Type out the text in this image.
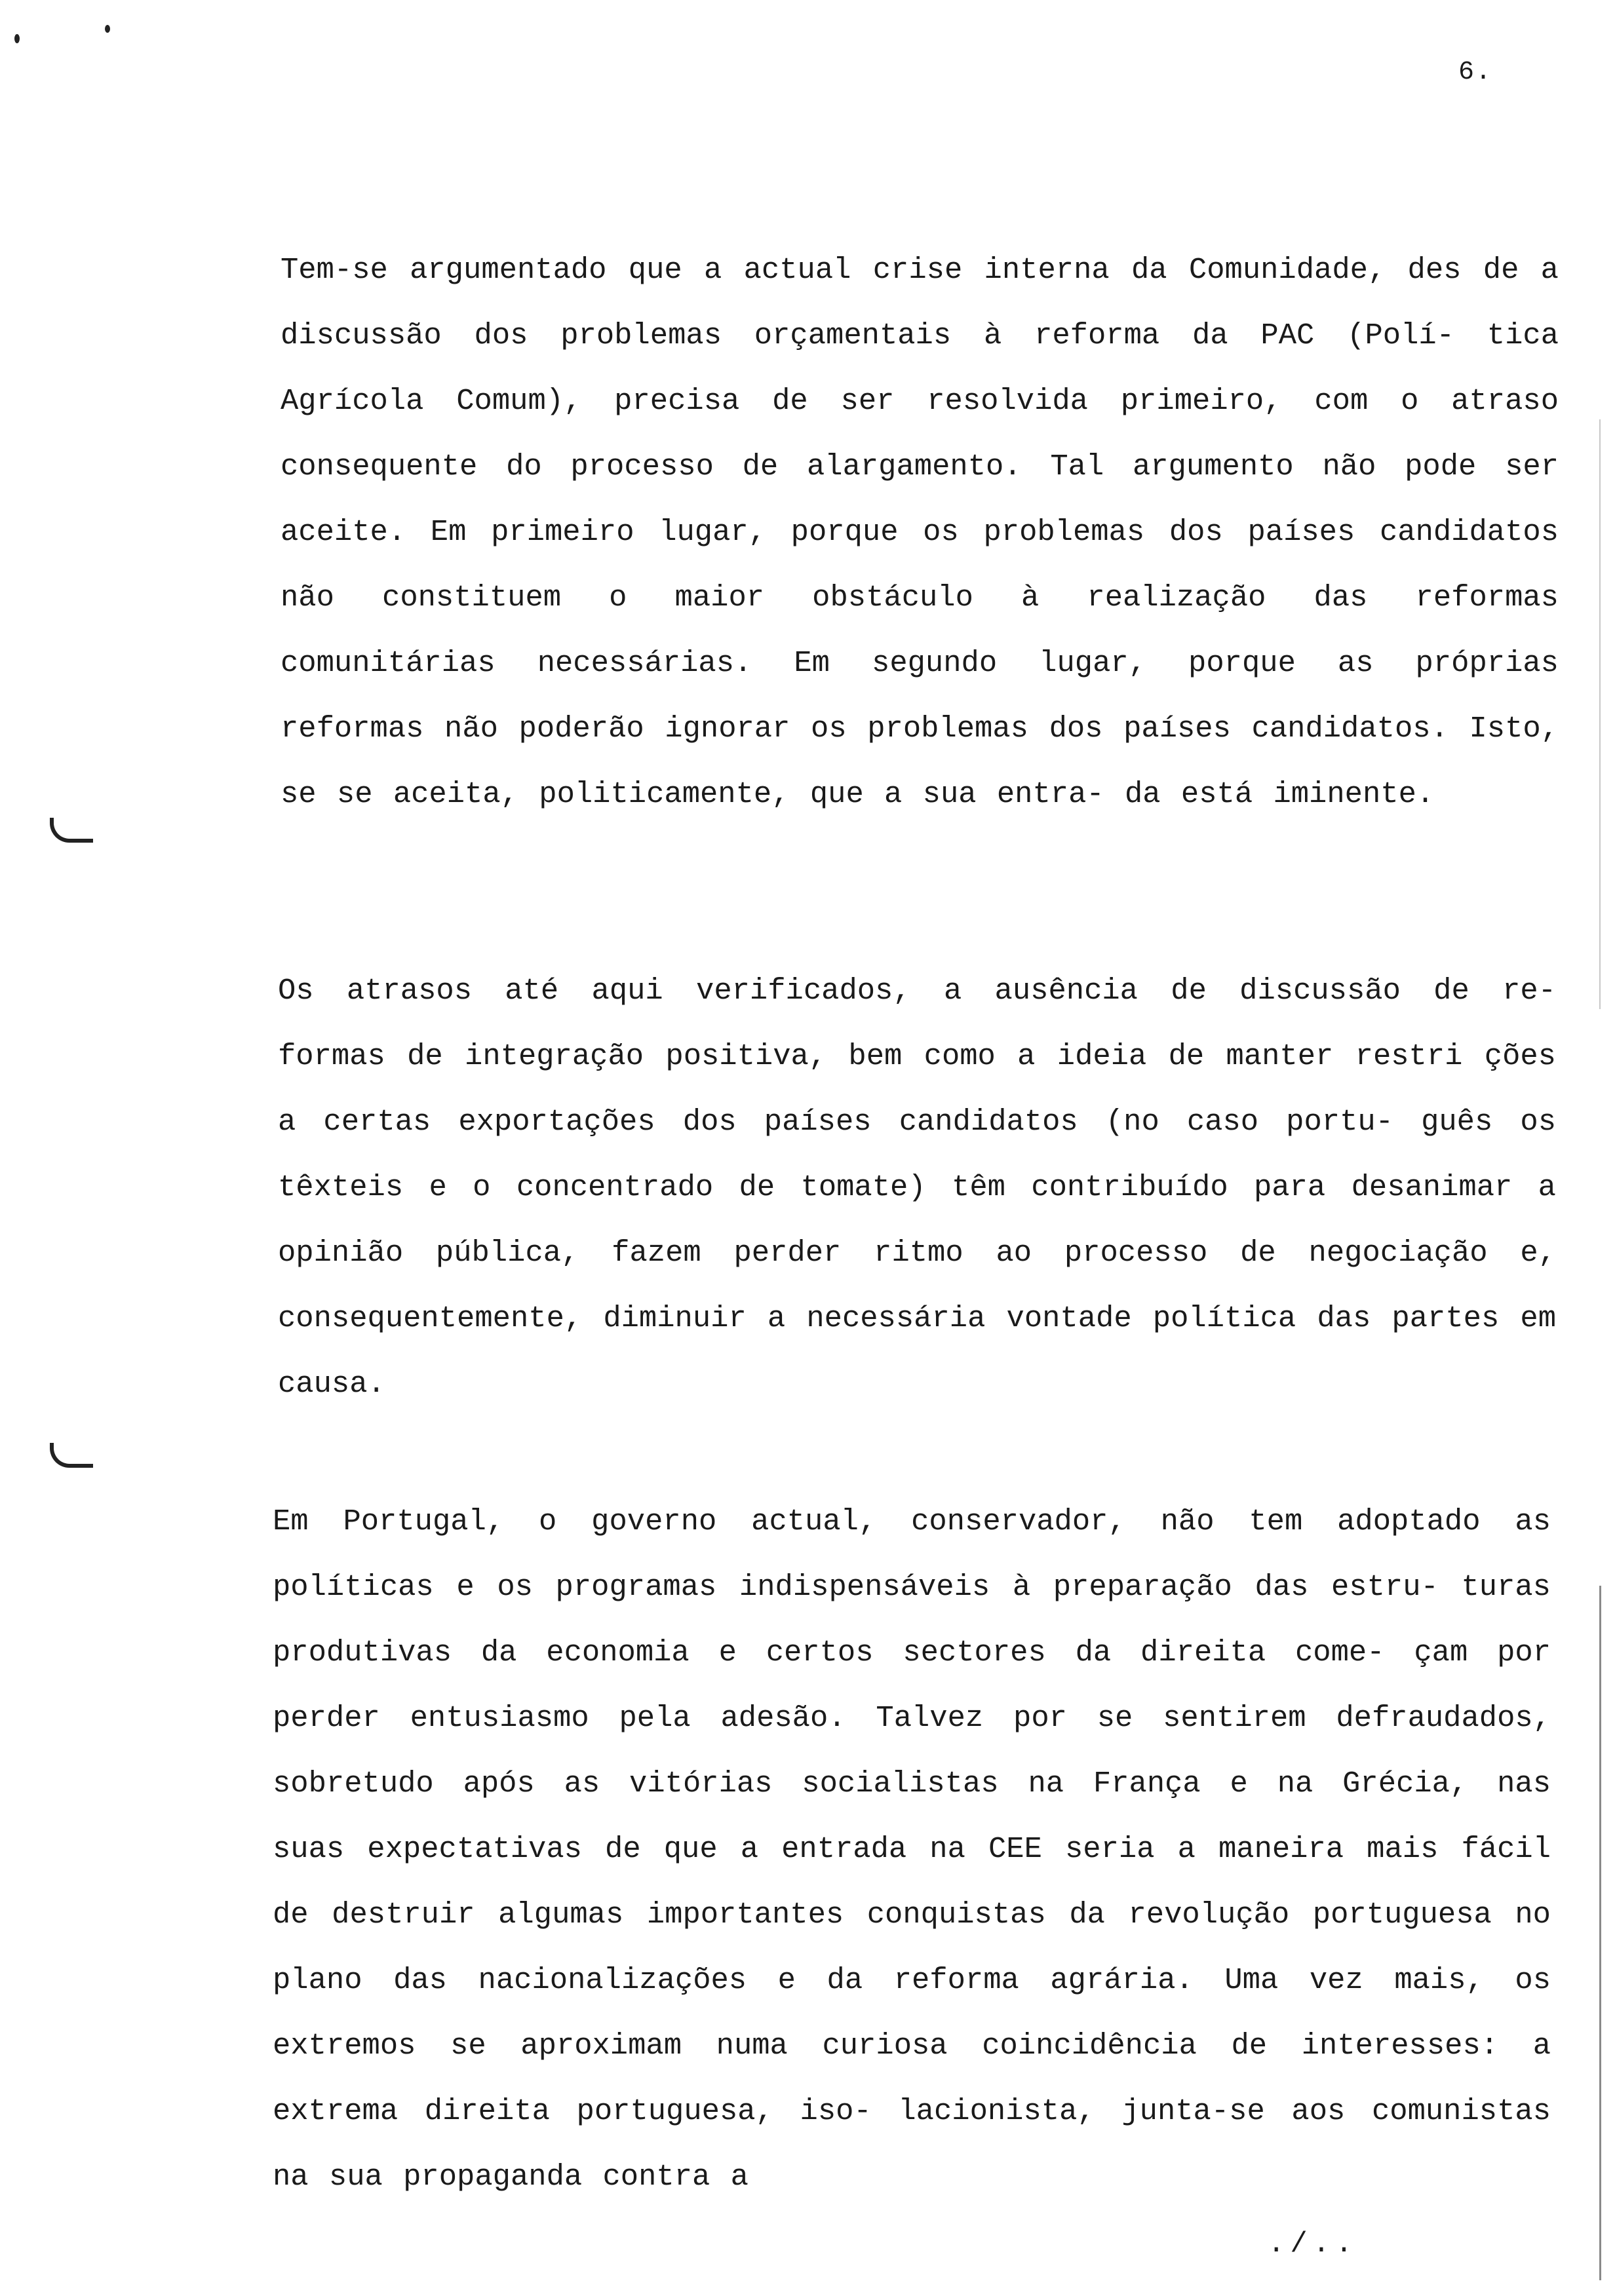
6.
Tem-se argumentado que a actual crise interna da Comunidade, des de a discussão dos problemas orçamentais à reforma da PAC (Polí- tica Agrícola Comum), precisa de ser resolvida primeiro, com o atraso consequente do processo de alargamento. Tal argumento não pode ser aceite. Em primeiro lugar, porque os problemas dos países candidatos não constituem o maior obstáculo à realização das reformas comunitárias necessárias. Em segundo lugar, porque as próprias reformas não poderão ignorar os problemas dos países candidatos. Isto, se se aceita, politicamente, que a sua entra- da está iminente.
Os atrasos até aqui verificados, a ausência de discussão de re- formas de integração positiva, bem como a ideia de manter restri ções a certas exportações dos países candidatos (no caso portu- guês os têxteis e o concentrado de tomate) têm contribuído para desanimar a opinião pública, fazem perder ritmo ao processo de negociação e, consequentemente, diminuir a necessária vontade política das partes em causa.
Em Portugal, o governo actual, conservador, não tem adoptado as políticas e os programas indispensáveis à preparação das estru- turas produtivas da economia e certos sectores da direita come- çam por perder entusiasmo pela adesão. Talvez por se sentirem defraudados, sobretudo após as vitórias socialistas na França e na Grécia, nas suas expectativas de que a entrada na CEE seria a maneira mais fácil de destruir algumas importantes conquistas da revolução portuguesa no plano das nacionalizações e da reforma agrária. Uma vez mais, os extremos se aproximam numa curiosa coincidência de interesses: a extrema direita portuguesa, iso- lacionista, junta-se aos comunistas na sua propaganda contra a
./..
